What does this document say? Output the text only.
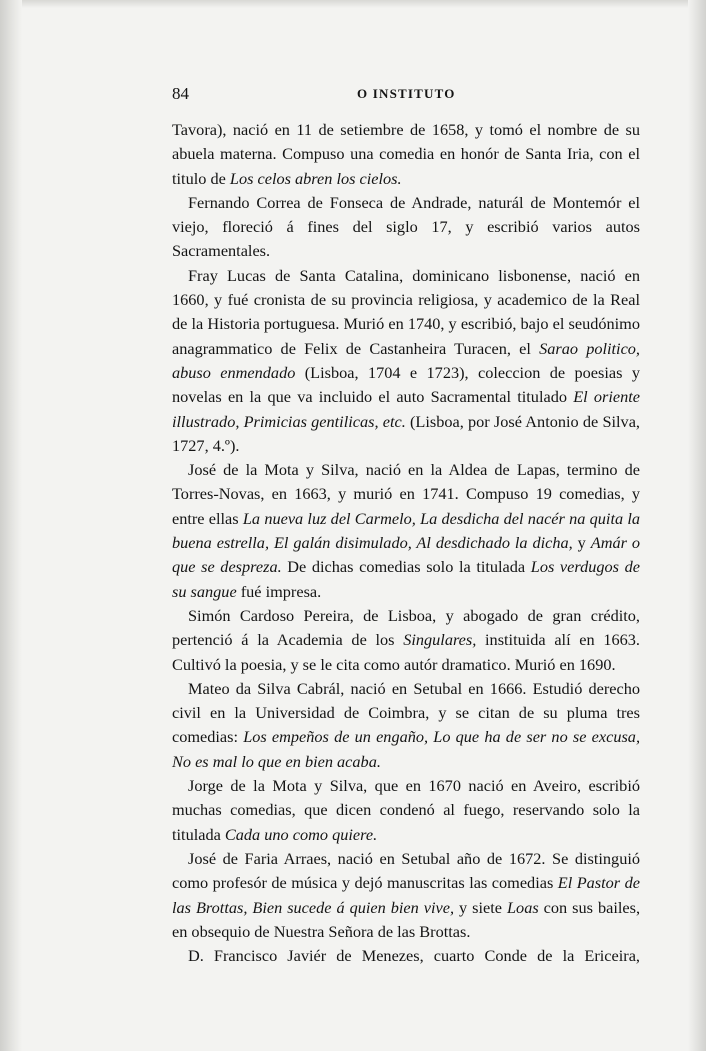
84	O INSTITUTO

Tavora), nació en 11 de setiembre de 1658, y tomó el nombre de su abuela materna. Compuso una comedia en honór de Santa Iria, con el titulo de Los celos abren los cielos.

Fernando Correa de Fonseca de Andrade, naturál de Montemór el viejo, floreció á fines del siglo 17, y escribió varios autos Sacramentales.

Fray Lucas de Santa Catalina, dominicano lisbonense, nació en 1660, y fué cronista de su provincia religiosa, y academico de la Real de la Historia portuguesa. Murió en 1740, y escribió, bajo el seudónimo anagrammatico de Felix de Castanheira Turacen, el Sarao politico, abuso enmendado (Lisboa, 1704 e 1723), coleccion de poesias y novelas en la que va incluido el auto Sacramental titulado El oriente illustrado, Primicias gentilicas, etc. (Lisboa, por José Antonio de Silva, 1727, 4.º).

José de la Mota y Silva, nació en la Aldea de Lapas, termino de Torres-Novas, en 1663, y murió en 1741. Compuso 19 comedias, y entre ellas La nueva luz del Carmelo, La desdicha del nacér na quita la buena estrella, El galán disimulado, Al desdichado la dicha, y Amár o que se despreza. De dichas comedias solo la titulada Los verdugos de su sangue fué impresa.

Simón Cardoso Pereira, de Lisboa, y abogado de gran crédito, pertenció á la Academia de los Singulares, instituida alí en 1663. Cultivó la poesia, y se le cita como autór dramatico. Murió en 1690.

Mateo da Silva Cabrál, nació en Setubal en 1666. Estudió derecho civil en la Universidad de Coimbra, y se citan de su pluma tres comedias: Los empeños de un engaño, Lo que ha de ser no se excusa, No es mal lo que en bien acaba.

Jorge de la Mota y Silva, que en 1670 nació en Aveiro, escribió muchas comedias, que dicen condenó al fuego, reservando solo la titulada Cada uno como quiere.

José de Faria Arraes, nació en Setubal año de 1672. Se distinguió como profesór de música y dejó manuscritas las comedias El Pastor de las Brottas, Bien sucede á quien bien vive, y siete Loas con sus bailes, en obsequio de Nuestra Señora de las Brottas.

D. Francisco Javiér de Menezes, cuarto Conde de la Ericeira,
